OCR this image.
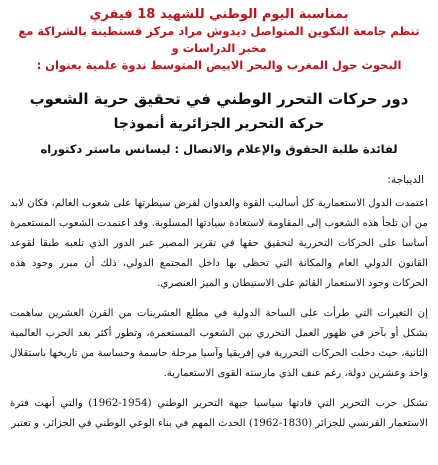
بمناسبة اليوم الوطني للشهيد 18 فيفري
تنظم جامعة التكوين المتواصل ديدوش مراد مركز قسنطينة بالشراكة مع مخبر الدراسات و
البحوث حول المغرب والبحر الابيض المتوسط ندوة علمية بعنوان :
دور حركات التحرر الوطني في تحقيق حرية الشعوب
حركة التحرير الجزائرية أنموذجا
لفائدة طلبة الحقوق والإعلام والاتصال : ليسانس ماستر دكتوراه
الديباجة:

اعتمدت الدول الاستعمارية كل أساليب القوة والعدوان لفرض سيطرتها على شعوب العالم، فكان لابد من أن تلجأ هذه الشعوب إلى المقاومة لاستعادة سيادتها المسلوبة. وقد اعتمدت الشعوب المستعمرة أساسا على الحركات التحررية لتحقيق حقها في تقرير المصير عبر الدور الذي تلعبه طبقا لقوعد القانون الدولي العام والمكانة التي تحظى بها داخل المجتمع الدولي، ذلك أن مبرر وجود هذه الحركات وجود الاستعمار القائم على الاستيطان و الميز العنصري.

إن التغيرات التي طرأت على الساحة الدولية في مطلع العشرينات من القرن العشرين ساهمت بشكل أو بآخر في ظهور العمل التحرري بين الشعوب المستعمرة، وتطور أكثر بعد الحرب العالمية الثانية، حيث دخلت الحركات التحررية في إفريقيا وآسيا مرحلة حاسمة وحساسة من تاريخها باستقلال واحد وعشرين دولة، رغم عنف الذي مارسته القوى الاستعمارية.

تشكل حرب التحرير التي قادتها سياسيا جبهة التحرير الوطني (1954-1962) والتي أنهت فترة الاستعمار الفرنسي للجزائر (1830-1962) الحدث المهم في بناء الوعي الوطني في الجزائر، و تعتبر
